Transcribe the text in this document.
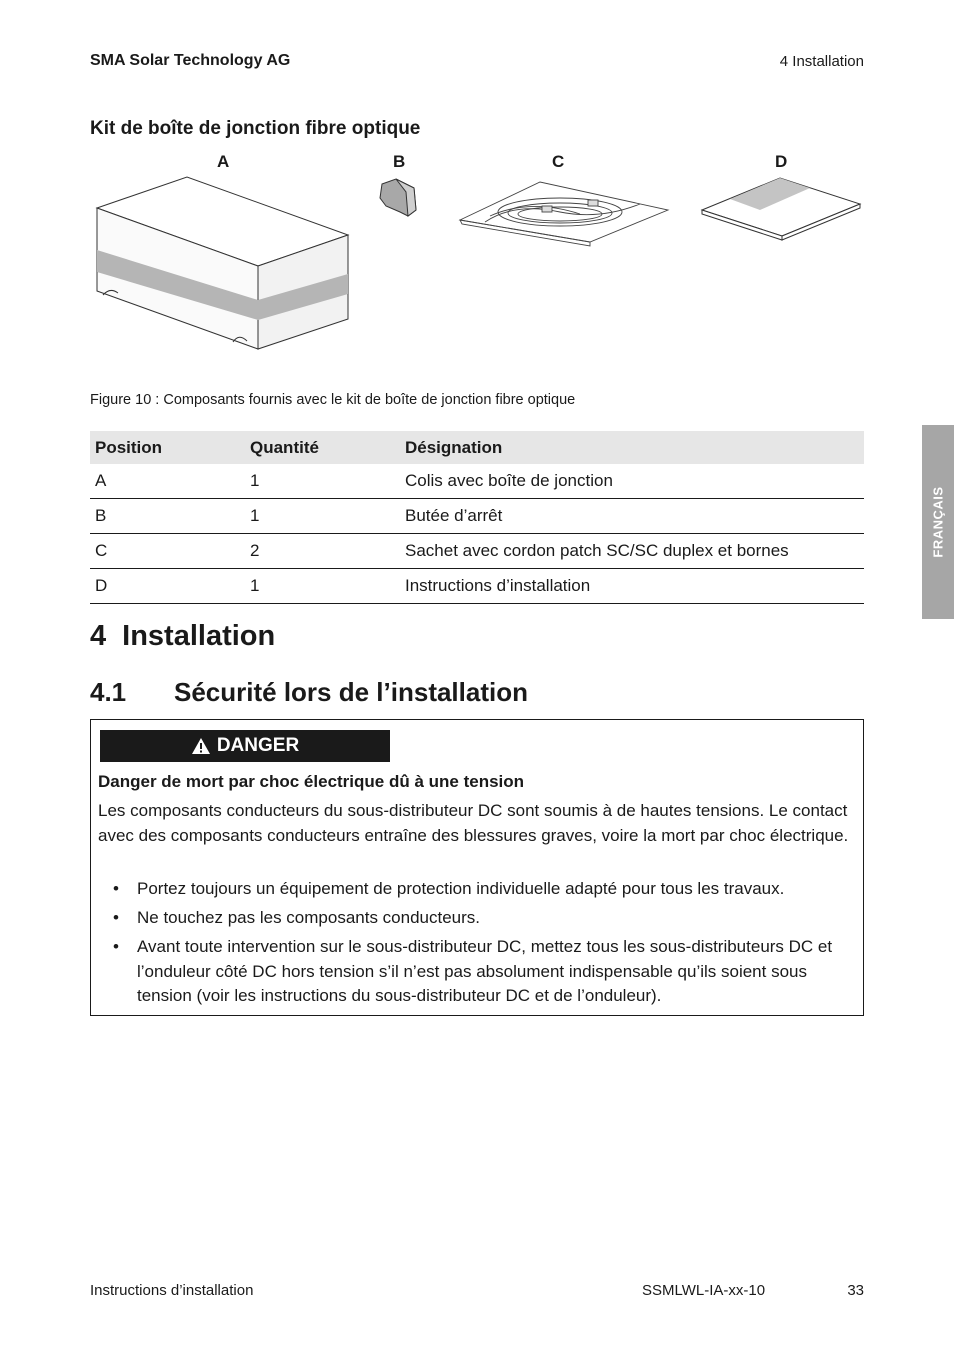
SMA Solar Technology AG	4 Installation
Kit de boîte de jonction fibre optique
A	B	C	D
Figure 10 : Composants fournis avec le kit de boîte de jonction fibre optique
Position	Quantité	Désignation
A	1	Colis avec boîte de jonction
B	1	Butée d’arrêt
C	2	Sachet avec cordon patch SC/SC duplex et bornes
D	1	Instructions d’installation
4 Installation
4.1 Sécurité lors de l’installation
DANGER
Danger de mort par choc électrique dû à une tension
Les composants conducteurs du sous-distributeur DC sont soumis à de hautes tensions. Le contact avec des composants conducteurs entraîne des blessures graves, voire la mort par choc électrique.
• Portez toujours un équipement de protection individuelle adapté pour tous les travaux.
• Ne touchez pas les composants conducteurs.
• Avant toute intervention sur le sous-distributeur DC, mettez tous les sous-distributeurs DC et l’onduleur côté DC hors tension s’il n’est pas absolument indispensable qu’ils soient sous tension (voir les instructions du sous-distributeur DC et de l’onduleur).
FRANÇAIS
Instructions d’installation	SSMLWL-IA-xx-10	33
